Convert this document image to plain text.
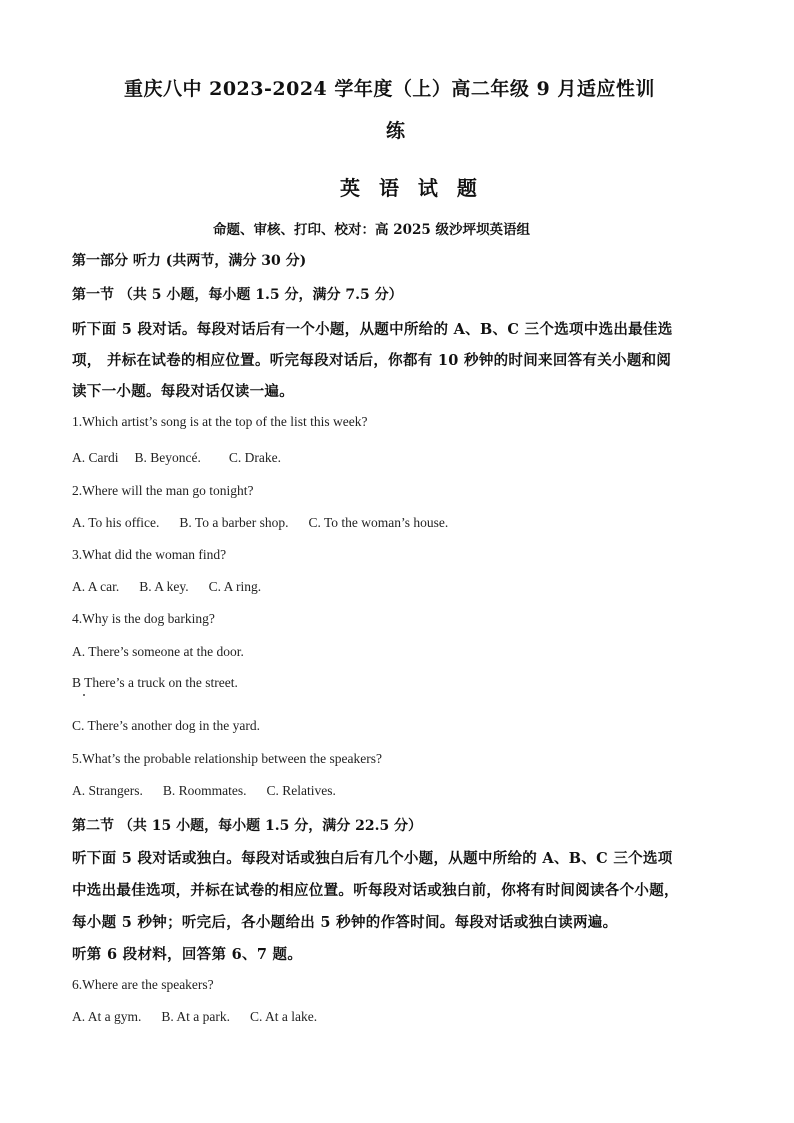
重庆八中 2023-2024 学年度（上）高二年级 9 月适应性训
练
英 语 试 题
命题、审核、打印、校对：高 2025 级沙坪坝英语组
第一部分 听力 (共两节，满分 30 分)
第一节 （共 5 小题，每小题 1.5 分，满分 7.5 分）
听下面 5 段对话。每段对话后有一个小题，从题中所给的 A、B、C 三个选项中选出最佳选
项， 并标在试卷的相应位置。听完每段对话后，你都有 10 秒钟的时间来回答有关小题和阅
读下一小题。每段对话仅读一遍。
1.Which artist’s song is at the top of the list this week?
A. Cardi B. Beyoncé. C. Drake.
2.Where will the man go tonight?
A. To his office. B. To a barber shop. C. To the woman’s house.
3.What did the woman find?
A. A car. B. A key. C. A ring.
4.Why is the dog barking?
A. There’s someone at the door.
B There’s a truck on the street.
C. There’s another dog in the yard.
5.What’s the probable relationship between the speakers?
A. Strangers. B. Roommates. C. Relatives.
第二节 （共 15 小题，每小题 1.5 分，满分 22.5 分）
听下面 5 段对话或独白。每段对话或独白后有几个小题，从题中所给的 A、B、C 三个选项
中选出最佳选项，并标在试卷的相应位置。听每段对话或独白前，你将有时间阅读各个小题，
每小题 5 秒钟；听完后，各小题给出 5 秒钟的作答时间。每段对话或独白读两遍。
听第 6 段材料，回答第 6、7 题。
6.Where are the speakers?
A. At a gym. B. At a park. C. At a lake.
